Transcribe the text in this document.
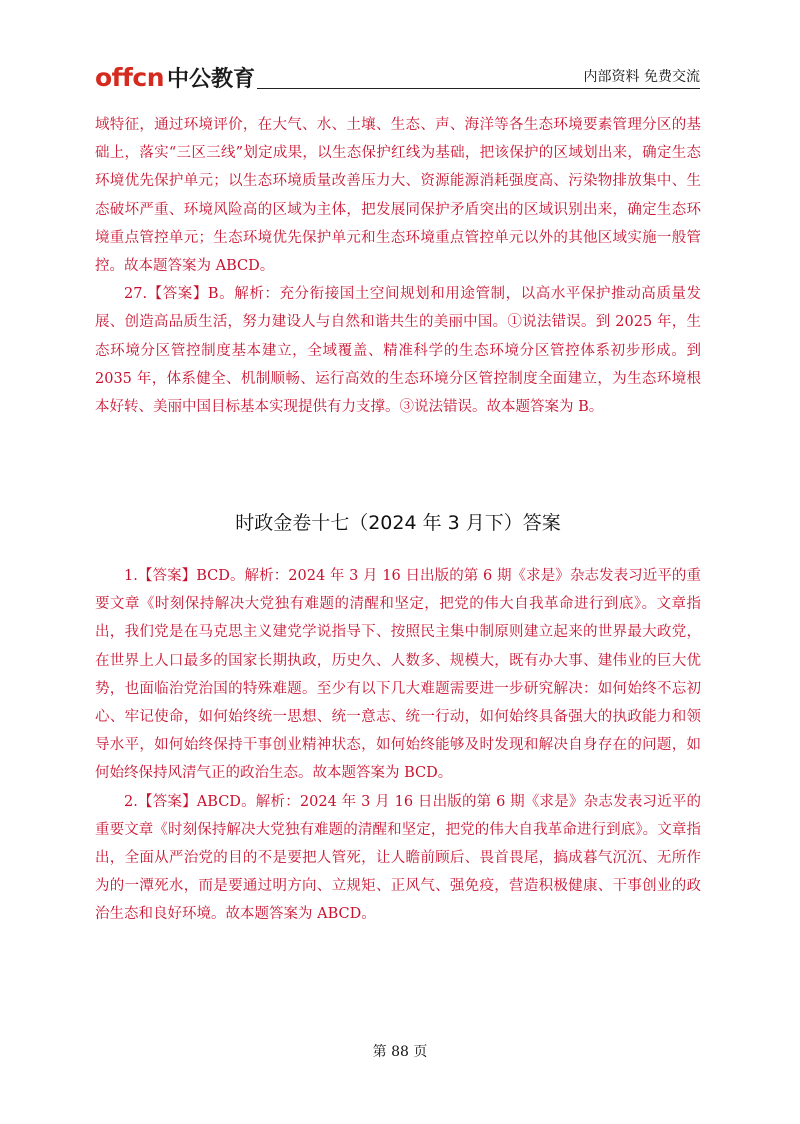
offcn 中公教育	内部资料 免费交流

域特征，通过环境评价，在大气、水、土壤、生态、声、海洋等各生态环境要素管理分区的基础上，落实“三区三线”划定成果，以生态保护红线为基础，把该保护的区域划出来，确定生态环境优先保护单元；以生态环境质量改善压力大、资源能源消耗强度高、污染物排放集中、生态破坏严重、环境风险高的区域为主体，把发展同保护矛盾突出的区域识别出来，确定生态环境重点管控单元；生态环境优先保护单元和生态环境重点管控单元以外的其他区域实施一般管控。故本题答案为 ABCD。

27.【答案】B。解析：充分衔接国土空间规划和用途管制，以高水平保护推动高质量发展、创造高品质生活，努力建设人与自然和谐共生的美丽中国。①说法错误。到 2025 年，生态环境分区管控制度基本建立，全域覆盖、精准科学的生态环境分区管控体系初步形成。到 2035 年，体系健全、机制顺畅、运行高效的生态环境分区管控制度全面建立，为生态环境根本好转、美丽中国目标基本实现提供有力支撑。③说法错误。故本题答案为 B。

时政金卷十七（2024 年 3 月下）答案

1.【答案】BCD。解析：2024 年 3 月 16 日出版的第 6 期《求是》杂志发表习近平的重要文章《时刻保持解决大党独有难题的清醒和坚定，把党的伟大自我革命进行到底》。文章指出，我们党是在马克思主义建党学说指导下、按照民主集中制原则建立起来的世界最大政党，在世界上人口最多的国家长期执政，历史久、人数多、规模大，既有办大事、建伟业的巨大优势，也面临治党治国的特殊难题。至少有以下几大难题需要进一步研究解决：如何始终不忘初心、牢记使命，如何始终统一思想、统一意志、统一行动，如何始终具备强大的执政能力和领导水平，如何始终保持干事创业精神状态，如何始终能够及时发现和解决自身存在的问题，如何始终保持风清气正的政治生态。故本题答案为 BCD。

2.【答案】ABCD。解析：2024 年 3 月 16 日出版的第 6 期《求是》杂志发表习近平的重要文章《时刻保持解决大党独有难题的清醒和坚定，把党的伟大自我革命进行到底》。文章指出，全面从严治党的目的不是要把人管死，让人瞻前顾后、畏首畏尾，搞成暮气沉沉、无所作为的一潭死水，而是要通过明方向、立规矩、正风气、强免疫，营造积极健康、干事创业的政治生态和良好环境。故本题答案为 ABCD。

第 88 页
